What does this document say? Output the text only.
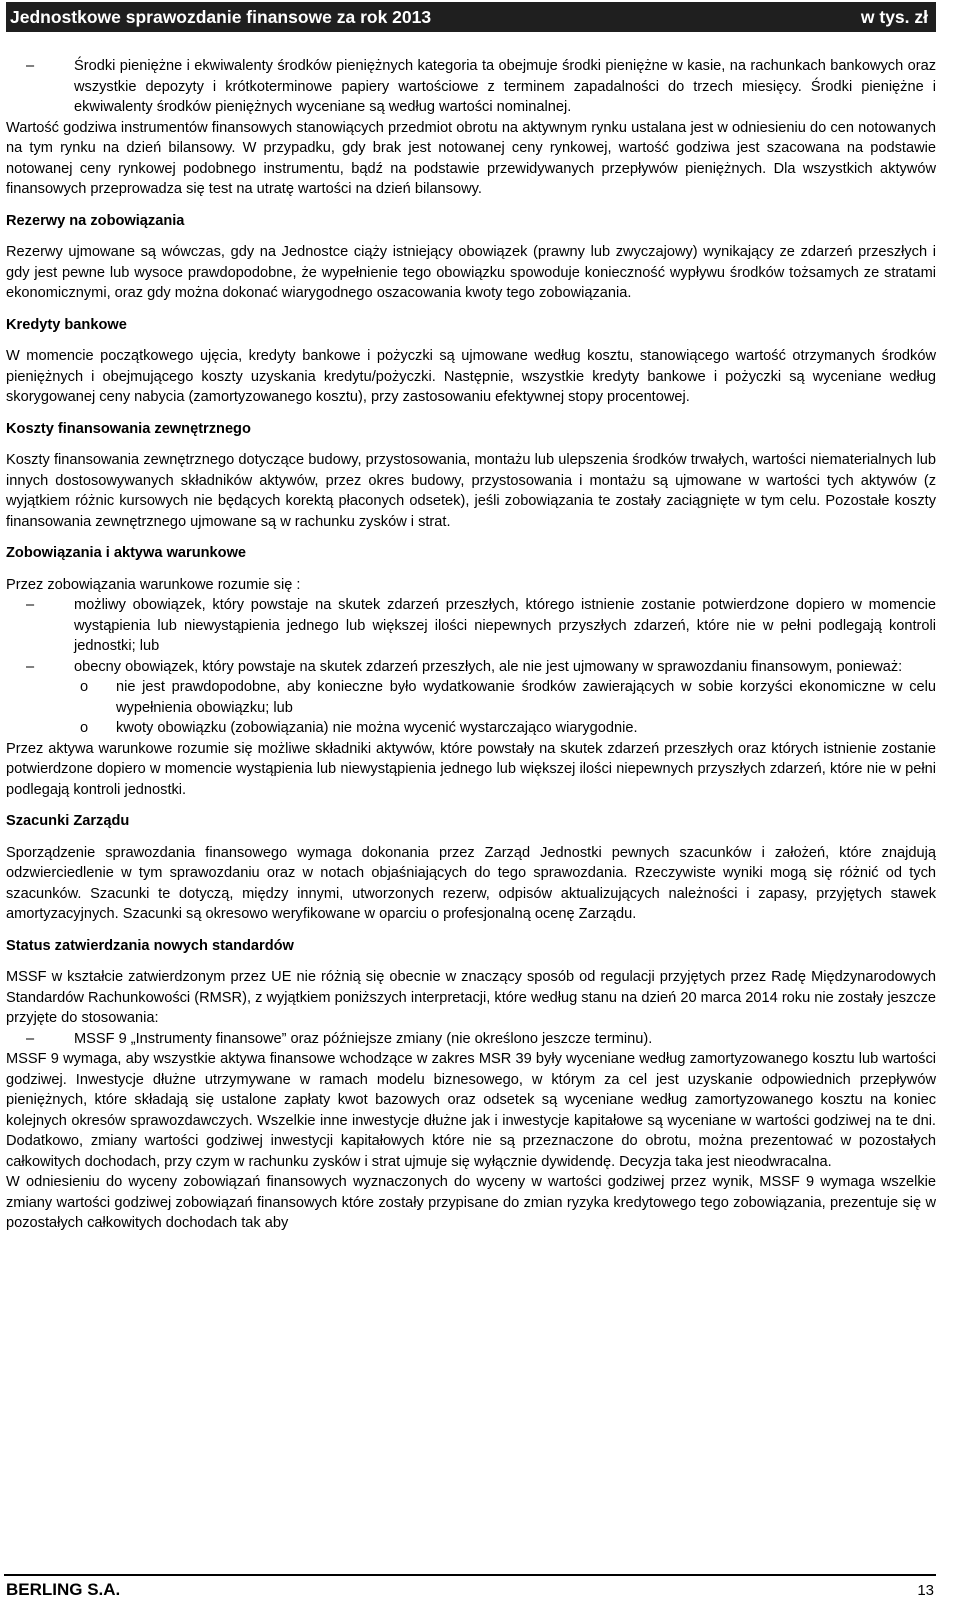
Jednostkowe sprawozdanie finansowe za rok 2013	w tys. zł
–	Środki pieniężne i ekwiwalenty środków pieniężnych kategoria ta obejmuje środki pieniężne w kasie, na rachunkach bankowych oraz wszystkie depozyty i krótkoterminowe papiery wartościowe z terminem zapadalności do trzech miesięcy. Środki pieniężne i ekwiwalenty środków pieniężnych wyceniane są według wartości nominalnej.

Wartość godziwa instrumentów finansowych stanowiących przedmiot obrotu na aktywnym rynku ustalana jest w odniesieniu do cen notowanych na tym rynku na dzień bilansowy. W przypadku, gdy brak jest notowanej ceny rynkowej, wartość godziwa jest szacowana na podstawie notowanej ceny rynkowej podobnego instrumentu, bądź na podstawie przewidywanych przepływów pieniężnych. Dla wszystkich aktywów finansowych przeprowadza się test na utratę wartości na dzień bilansowy.

Rezerwy na zobowiązania

Rezerwy ujmowane są wówczas, gdy na Jednostce ciąży istniejący obowiązek (prawny lub zwyczajowy) wynikający ze zdarzeń przeszłych i gdy jest pewne lub wysoce prawdopodobne, że wypełnienie tego obowiązku spowoduje konieczność wypływu środków tożsamych ze stratami ekonomicznymi, oraz gdy można dokonać wiarygodnego oszacowania kwoty tego zobowiązania.

Kredyty bankowe

W momencie początkowego ujęcia, kredyty bankowe i pożyczki są ujmowane według kosztu, stanowiącego wartość otrzymanych środków pieniężnych i obejmującego koszty uzyskania kredytu/pożyczki. Następnie, wszystkie kredyty bankowe i pożyczki są wyceniane według skorygowanej ceny nabycia (zamortyzowanego kosztu), przy zastosowaniu efektywnej stopy procentowej.

Koszty finansowania zewnętrznego

Koszty finansowania zewnętrznego dotyczące budowy, przystosowania, montażu lub ulepszenia środków trwałych, wartości niematerialnych lub innych dostosowywanych składników aktywów, przez okres budowy, przystosowania i montażu są ujmowane w wartości tych aktywów (z wyjątkiem różnic kursowych nie będących korektą płaconych odsetek), jeśli zobowiązania te zostały zaciągnięte w tym celu. Pozostałe koszty finansowania zewnętrznego ujmowane są w rachunku zysków i strat.

Zobowiązania i aktywa warunkowe

Przez zobowiązania warunkowe rozumie się :

–	możliwy obowiązek, który powstaje na skutek zdarzeń przeszłych, którego istnienie zostanie potwierdzone dopiero w momencie wystąpienia lub niewystąpienia jednego lub większej ilości niepewnych przyszłych zdarzeń, które nie w pełni podlegają kontroli jednostki; lub
–	obecny obowiązek, który powstaje na skutek zdarzeń przeszłych, ale nie jest ujmowany w sprawozdaniu finansowym, ponieważ:
o nie jest prawdopodobne, aby konieczne było wydatkowanie środków zawierających w sobie korzyści ekonomiczne w celu wypełnienia obowiązku; lub
o kwoty obowiązku (zobowiązania) nie można wycenić wystarczająco wiarygodnie.

Przez aktywa warunkowe rozumie się możliwe składniki aktywów, które powstały na skutek zdarzeń przeszłych oraz których istnienie zostanie potwierdzone dopiero w momencie wystąpienia lub niewystąpienia jednego lub większej ilości niepewnych przyszłych zdarzeń, które nie w pełni podlegają kontroli jednostki.

Szacunki Zarządu

Sporządzenie sprawozdania finansowego wymaga dokonania przez Zarząd Jednostki pewnych szacunków i założeń, które znajdują odzwierciedlenie w tym sprawozdaniu oraz w notach objaśniających do tego sprawozdania. Rzeczywiste wyniki mogą się różnić od tych szacunków. Szacunki te dotyczą, między innymi, utworzonych rezerw, odpisów aktualizujących należności i zapasy, przyjętych stawek amortyzacyjnych. Szacunki są okresowo weryfikowane w oparciu o profesjonalną ocenę Zarządu.

Status zatwierdzania nowych standardów

MSSF w kształcie zatwierdzonym przez UE nie różnią się obecnie w znaczący sposób od regulacji przyjętych przez Radę Międzynarodowych Standardów Rachunkowości (RMSR), z wyjątkiem poniższych interpretacji, które według stanu na dzień 20 marca 2014 roku nie zostały jeszcze przyjęte do stosowania:

–	MSSF 9 „Instrumenty finansowe” oraz późniejsze zmiany (nie określono jeszcze terminu).

MSSF 9 wymaga, aby wszystkie aktywa finansowe wchodzące w zakres MSR 39 były wyceniane według zamortyzowanego kosztu lub wartości godziwej. Inwestycje dłużne utrzymywane w ramach modelu biznesowego, w którym za cel jest uzyskanie odpowiednich przepływów pieniężnych, które składają się ustalone zapłaty kwot bazowych oraz odsetek są wyceniane według zamortyzowanego kosztu na koniec kolejnych okresów sprawozdawczych. Wszelkie inne inwestycje dłużne jak i inwestycje kapitałowe są wyceniane w wartości godziwej na te dni. Dodatkowo, zmiany wartości godziwej inwestycji kapitałowych które nie są przeznaczone do obrotu, można prezentować w pozostałych całkowitych dochodach, przy czym w rachunku zysków i strat ujmuje się wyłącznie dywidendę. Decyzja taka jest nieodwracalna.

W odniesieniu do wyceny zobowiązań finansowych wyznaczonych do wyceny w wartości godziwej przez wynik, MSSF 9 wymaga wszelkie zmiany wartości godziwej zobowiązań finansowych które zostały przypisane do zmian ryzyka kredytowego tego zobowiązania, prezentuje się w pozostałych całkowitych dochodach tak aby

BERLING S.A.	13
